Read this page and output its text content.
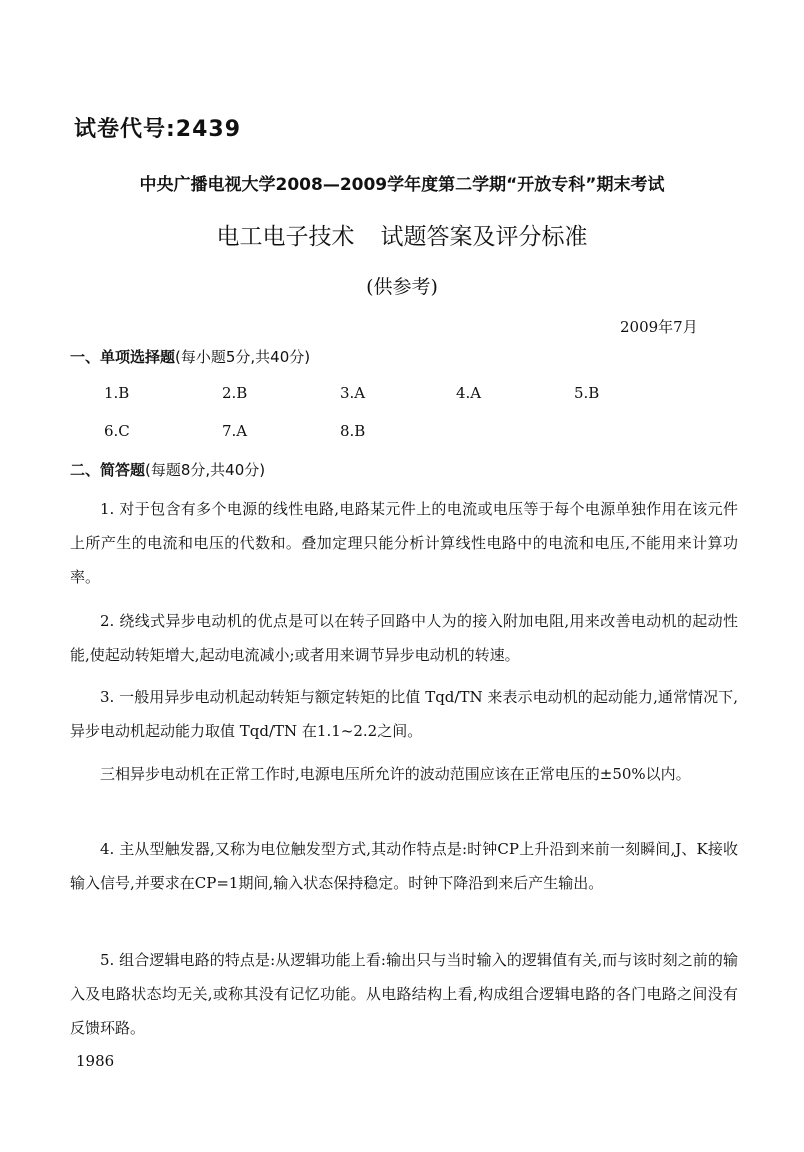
试卷代号:2439
中央广播电视大学2008—2009学年度第二学期“开放专科”期末考试
电工电子技术 试题答案及评分标准
(供参考)
2009年7月
一、单项选择题(每小题5分,共40分)
1.B	2.B	3.A	4.A	5.B
6.C	7.A	8.B
二、简答题(每题8分,共40分)
1. 对于包含有多个电源的线性电路,电路某元件上的电流或电压等于每个电源单独作用在该元件上所产生的电流和电压的代数和。叠加定理只能分析计算线性电路中的电流和电压,不能用来计算功率。
2. 绕线式异步电动机的优点是可以在转子回路中人为的接入附加电阻,用来改善电动机的起动性能,使起动转矩增大,起动电流减小;或者用来调节异步电动机的转速。
3. 一般用异步电动机起动转矩与额定转矩的比值 Tqd/TN 来表示电动机的起动能力,通常情况下,异步电动机起动能力取值 Tqd/TN 在1.1~2.2之间。
三相异步电动机在正常工作时,电源电压所允许的波动范围应该在正常电压的±50%以内。
4. 主从型触发器,又称为电位触发型方式,其动作特点是:时钟CP上升沿到来前一刻瞬间,J、K接收输入信号,并要求在CP=1期间,输入状态保持稳定。时钟下降沿到来后产生输出。
5. 组合逻辑电路的特点是:从逻辑功能上看:输出只与当时输入的逻辑值有关,而与该时刻之前的输入及电路状态均无关,或称其没有记忆功能。从电路结构上看,构成组合逻辑电路的各门电路之间没有反馈环路。
1986
